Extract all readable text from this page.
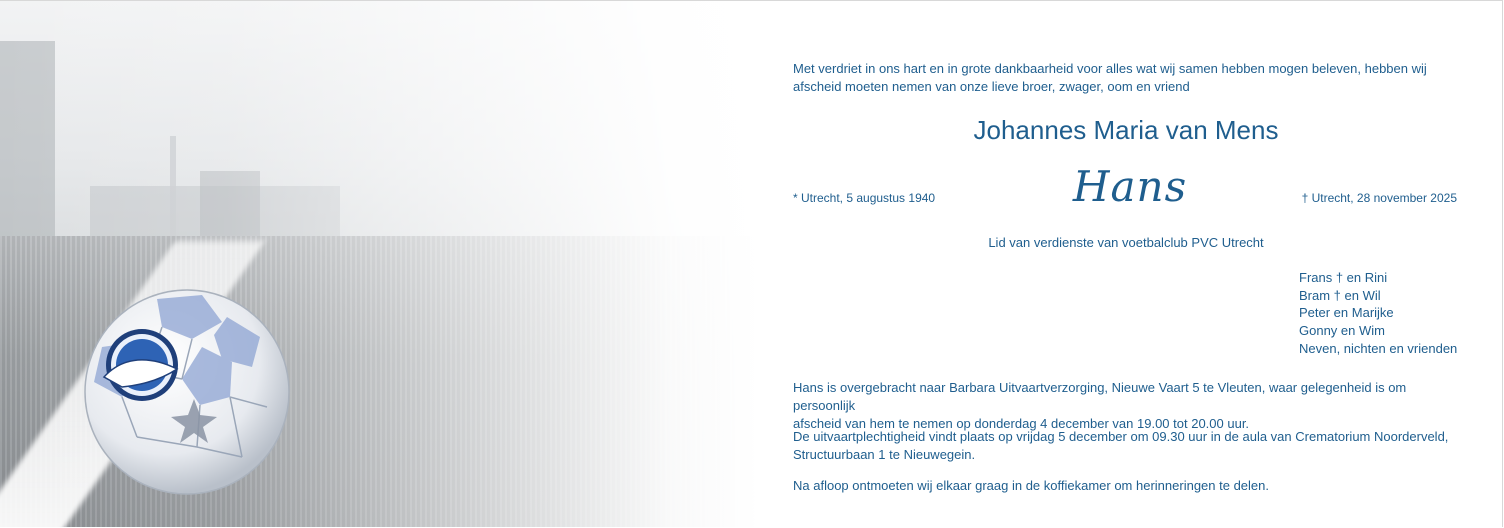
Met verdriet in ons hart en in grote dankbaarheid voor alles wat wij samen hebben mogen beleven, hebben wij
afscheid moeten nemen van onze lieve broer, zwager, oom en vriend
Johannes Maria van Mens
Hans
* Utrecht, 5 augustus 1940	† Utrecht, 28 november 2025
Lid van verdienste van voetbalclub PVC Utrecht
Frans † en Rini
Bram † en Wil
Peter en Marijke
Gonny en Wim
Neven, nichten en vrienden
Hans is overgebracht naar Barbara Uitvaartverzorging, Nieuwe Vaart 5 te Vleuten, waar gelegenheid is om persoonlijk
afscheid van hem te nemen op donderdag 4 december van 19.00 tot 20.00 uur.
De uitvaartplechtigheid vindt plaats op vrijdag 5 december om 09.30 uur in de aula van Crematorium Noorderveld,
Structuurbaan 1 te Nieuwegein.
Na afloop ontmoeten wij elkaar graag in de koffiekamer om herinneringen te delen.
